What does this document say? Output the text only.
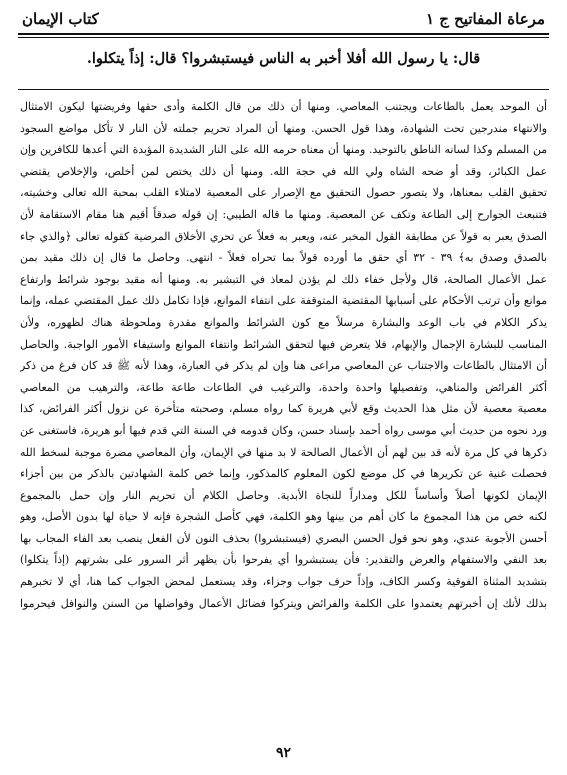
مرعاة المفاتيح ج ١
كتاب الإيمان
قال: يا رسول الله أفلا أخبر به الناس فيستبشروا؟ قال: إذاً يتكلوا.
أن الموحد يعمل بالطاعات ويجتنب المعاصي. ومنها أن ذلك من قال الكلمة وأدى حقها وفريضتها ليكون الامتثال
والانتهاء مندرجين تحت الشهادة، وهذا قول الحسن. ومنها أن المراد تحريم جملته لأن النار لا تأكل مواضع السجود
من المسلم وكذا لسانه الناطق بالتوحيد. ومنها أن معناه حرمه الله على النار الشديدة المؤبدة التي أعدها للكافرين وإن
عمل الكبائر، وقد أو ضحه الشاه ولي الله في حجة الله. ومنها أن ذلك يختص لمن أخلص، والإخلاص يقتضي
تحقيق القلب بمعناها، ولا يتصور حصول التحقيق مع الإصرار على المعصية لامتلاء القلب بمحبة الله تعالى وخشيته،
فتنبعث الجوارح إلى الطاعة وتكف عن المعصية. ومنها ما قاله الطيبي: إن قوله صدقاً أقيم هنا مقام الاستقامة لأن
الصدق يعبر به قولاً عن مطابقة القول المخبر عنه، ويعبر به فعلاً عن تحري الأخلاق المرضية كقوله تعالى ﴿والذي جاء
بالصدق وصدق به﴾ ٣٩ - ٣٢ أي حقق ما أورده قولاً بما تحراه فعلاً - انتهى. وحاصل ما قال إن ذلك مقيد بمن
عمل الأعمال الصالحة، قال ولأجل خفاء ذلك لم يؤذن لمعاذ في التبشير به. ومنها أنه مقيد بوجود شرائط وارتفاع
موانع وأن ترتب الأحكام على أسبابها المقتضية المتوقفة على انتفاء الموانع، فإذا تكامل ذلك عمل المقتضي عمله، وإنما
يذكر الكلام في باب الوعد والبشارة مرسلاً مع كون الشرائط والموانع مقدرة وملحوظة هناك لظهوره، ولأن
المناسب للبشارة الإجمال والإبهام، فلا يتعرض فيها لتحقق الشرائط وانتفاء الموانع واستيفاء الأمور الواجبة. والحاصل
أن الامتثال بالطاعات والاجتناب عن المعاصي مراعى هنا وإن لم يذكر في العبارة، وهذا لأنه ﷺ قد كان فرغ من ذكر
أكثر الفرائض والمناهي، وتفصيلها واحدة واحدة، والترغيب في الطاعات طاعة طاعة، والترهيب من المعاصي
معصية معصية لأن مثل هذا الحديث وقع لأبي هريرة كما رواه مسلم، وصحبته متأخرة عن نزول أكثر الفرائض، كذا
ورد نحوه من حديث أبي موسى رواه أحمد بإسناد حسن، وكان قدومه في السنة التي قدم فيها أبو هريرة، فاستغنى عن
ذكرها في كل مرة لأنه قد بين لهم أن الأعمال الصالحة لا بد منها في الإيمان، وأن المعاصي مضرة موجبة لسخط الله
فحصلت غنية عن تكريرها في كل موضع لكون المعلوم كالمذكور، وإنما خص كلمة الشهادتين بالذكر من بين أجزاء
الإيمان لكونها أصلاً وأساساً للكل ومداراً للنجاة الأبدية. وحاصل الكلام أن تحريم النار وإن حمل بالمجموع
لكنه خص من هذا المجموع ما كان أهم من بينها وهو الكلمة، فهي كأصل الشجرة فإنه لا حياة لها بدون الأصل، وهو
أحسن الأجوبة عندي، وهو نحو قول الحسن البصري (فيستبشروا) بحذف النون لأن الفعل ينصب بعد الفاء المجاب بها
بعد النفي والاستفهام والعرض والتقدير: فأن يستبشروا أي يفرحوا بأن يظهر أثر السرور على بشرتهم (إذاً يتكلوا)
بتشديد المثناة الفوقية وكسر الكاف، وإذاً حرف جواب وجزاء، وقد يستعمل لمحض الجواب كما هنا، أي لا تخبرهم
بذلك لأنك إن أخبرتهم يعتمدوا على الكلمة والفرائض ويتركوا فضائل الأعمال وفواضلها من السنن والنوافل فيحرموا
٩٢
